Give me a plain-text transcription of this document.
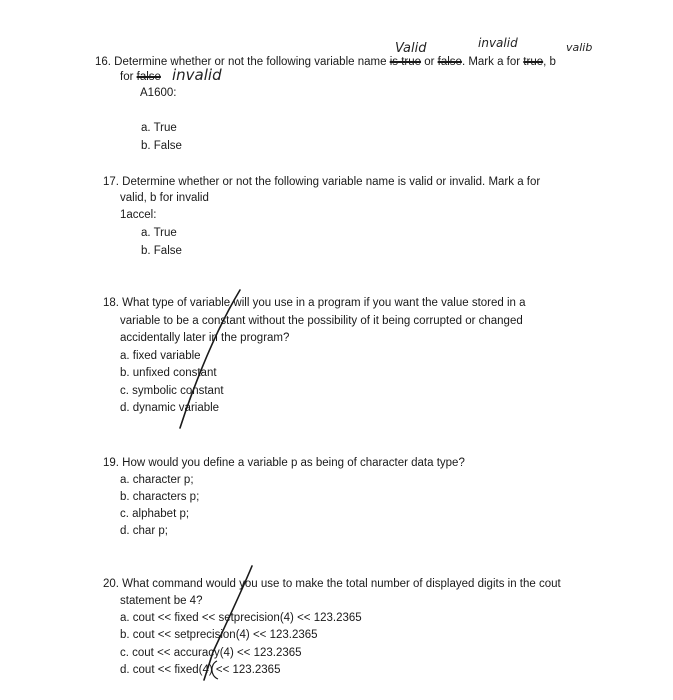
Valid	invalid	valib
16. Determine whether or not the following variable name is true or false. Mark a for true, b
for false invalid
A1600:
a. True
b. False
17. Determine whether or not the following variable name is valid or invalid. Mark a for
valid, b for invalid
1accel:
a. True
b. False
18. What type of variable will you use in a program if you want the value stored in a
variable to be a constant without the possibility of it being corrupted or changed
accidentally later in the program?
a. fixed variable
b. unfixed constant
c. symbolic constant
d. dynamic variable
19. How would you define a variable p as being of character data type?
a. character p;
b. characters p;
c. alphabet p;
d. char p;
20. What command would you use to make the total number of displayed digits in the cout
statement be 4?
a. cout << fixed << setprecision(4) << 123.2365
b. cout << setprecision(4) << 123.2365
c. cout << accuracy(4) << 123.2365
d. cout << fixed(4) << 123.2365
